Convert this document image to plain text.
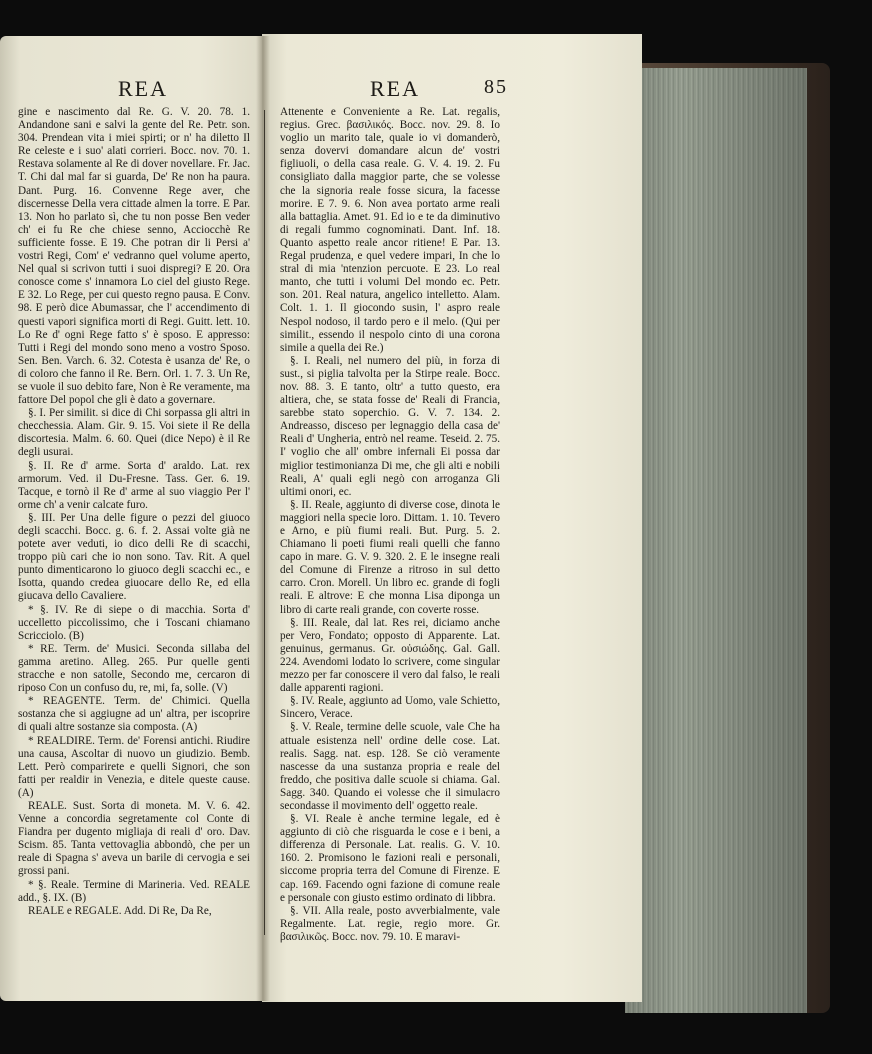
REA	REA	85

gine e nascimento dal Re. G. V. 20. 78. 1. Andandone sani e salvi la gente del Re. Petr. son. 304. Prendean vita i miei spirti; or n' ha diletto Il Re celeste e i suo' alati corrieri. Bocc. nov. 70. 1. Restava solamente al Re di dover novellare. Fr. Jac. T. Chi dal mal far si guarda, De' Re non ha paura. Dant. Purg. 16. Convenne Rege aver, che discernesse Della vera cittade almen la torre. E Par. 13. Non ho parlato sì, che tu non posse Ben veder ch' ei fu Re che chiese senno, Acciocchè Re sufficiente fosse. E 19. Che potran dir li Persi a' vostri Regi, Com' e' vedranno quel volume aperto, Nel qual si scrivon tutti i suoi dispregi? E 20. Ora conosce come s' innamora Lo ciel del giusto Rege. E 32. Lo Rege, per cui questo regno pausa. E Conv. 98. E però dice Abumassar, che l' accendimento di questi vapori significa morti di Regi. Guitt. lett. 10. Lo Re d' ogni Rege fatto s' è sposo. E appresso: Tutti i Regi del mondo sono meno a vostro Sposo. Sen. Ben. Varch. 6. 32. Cotesta è usanza de' Re, o di coloro che fanno il Re. Bern. Orl. 1. 7. 3. Un Re, se vuole il suo debito fare, Non è Re veramente, ma fattore Del popol che gli è dato a governare.

§. I. Per similit. si dice di Chi sorpassa gli altri in checchessia. Alam. Gir. 9. 15. Voi siete il Re della discortesia. Malm. 6. 60. Quei (dice Nepo) è il Re degli usurai.

§. II. Re d' arme. Sorta d' araldo. Lat. rex armorum. Ved. il Du-Fresne. Tass. Ger. 6. 19. Tacque, e tornò il Re d' arme al suo viaggio Per l' orme ch' a venir calcate furo.

§. III. Per Una delle figure o pezzi del giuoco degli scacchi. Bocc. g. 6. f. 2. Assai volte già ne potete aver veduti, io dico delli Re di scacchi, troppo più cari che io non sono. Tav. Rit. A quel punto dimenticarono lo giuoco degli scacchi ec., e Isotta, quando credea giuocare dello Re, ed ella giucava dello Cavaliere.

* §. IV. Re di siepe o di macchia. Sorta d' uccelletto piccolissimo, che i Toscani chiamano Scricciolo. (B)

* RE. Term. de' Musici. Seconda sillaba del gamma aretino. Alleg. 265. Pur quelle genti stracche e non satolle, Secondo me, cercaron di riposo Con un confuso du, re, mi, fa, solle. (V)

* REAGENTE. Term. de' Chimici. Quella sostanza che si aggiugne ad un' altra, per iscoprire di quali altre sostanze sia composta. (A)

* REALDIRE. Term. de' Forensi antichi. Riudire una causa, Ascoltar di nuovo un giudizio. Bemb. Lett. Però comparirete e quelli Signori, che son fatti per realdir in Venezia, e ditele queste cause. (A)

REALE. Sust. Sorta di moneta. M. V. 6. 42. Venne a concordia segretamente col Conte di Fiandra per dugento migliaja di reali d' oro. Dav. Scism. 85. Tanta vettovaglia abbondò, che per un reale di Spagna s' aveva un barile di cervogia e sei grossi pani.

* §. Reale. Termine di Marineria. Ved. REALE add., §. IX. (B)

REALE e REGALE. Add. Di Re, Da Re,

Attenente e Conveniente a Re. Lat. regalis, regius. Grec. βασιλικός. Bocc. nov. 29. 8. Io voglio un marito tale, quale io vi domanderò, senza dovervi domandare alcun de' vostri figliuoli, o della casa reale. G. V. 4. 19. 2. Fu consigliato dalla maggior parte, che se volesse che la signoria reale fosse sicura, la facesse morire. E 7. 9. 6. Non avea portato arme reali alla battaglia. Amet. 91. Ed io e te da diminutivo di regali fummo cognominati. Dant. Inf. 18. Quanto aspetto reale ancor ritiene! E Par. 13. Regal prudenza, e quel vedere impari, In che lo stral di mia 'ntenzion percuote. E 23. Lo real manto, che tutti i volumi Del mondo ec. Petr. son. 201. Real natura, angelico intelletto. Alam. Colt. 1. 1. Il giocondo susin, l' aspro reale Nespol nodoso, il tardo pero e il melo. (Qui per similit., essendo il nespolo cinto di una corona simile a quella dei Re.)

§. I. Reali, nel numero del più, in forza di sust., si piglia talvolta per la Stirpe reale. Bocc. nov. 88. 3. E tanto, oltr' a tutto questo, era altiera, che, se stata fosse de' Reali di Francia, sarebbe stato soperchio. G. V. 7. 134. 2. Andreasso, disceso per legnaggio della casa de' Reali d' Ungheria, entrò nel reame. Teseid. 2. 75. I' voglio che all' ombre infernali Ei possa dar miglior testimonianza Di me, che gli alti e nobili Reali, A' quali egli negò con arroganza Gli ultimi onori, ec.

§. II. Reale, aggiunto di diverse cose, dinota le maggiori nella specie loro. Dittam. 1. 10. Tevero e Arno, e più fiumi reali. But. Purg. 5. 2. Chiamano li poeti fiumi reali quelli che fanno capo in mare. G. V. 9. 320. 2. E le insegne reali del Comune di Firenze a ritroso in sul detto carro. Cron. Morell. Un libro ec. grande di fogli reali. E altrove: E che monna Lisa diponga un libro di carte reali grande, con coverte rosse.

§. III. Reale, dal lat. Res rei, diciamo anche per Vero, Fondato; opposto di Apparente. Lat. genuinus, germanus. Gr. οὐσιώδης. Gal. Gall. 224. Avendomi lodato lo scrivere, come singular mezzo per far conoscere il vero dal falso, le reali dalle apparenti ragioni.

§. IV. Reale, aggiunto ad Uomo, vale Schietto, Sincero, Verace.

§. V. Reale, termine delle scuole, vale Che ha attuale esistenza nell' ordine delle cose. Lat. realis. Sagg. nat. esp. 128. Se ciò veramente nascesse da una sustanza propria e reale del freddo, che positiva dalle scuole si chiama. Gal. Sagg. 340. Quando ei volesse che il simulacro secondasse il movimento dell' oggetto reale.

§. VI. Reale è anche termine legale, ed è aggiunto di ciò che risguarda le cose e i beni, a differenza di Personale. Lat. realis. G. V. 10. 160. 2. Promisono le fazioni reali e personali, siccome propria terra del Comune di Firenze. E cap. 169. Facendo ogni fazione di comune reale e personale con giusto estimo ordinato di libbra.

§. VII. Alla reale, posto avverbialmente, vale Regalmente. Lat. regie, regio more. Gr. βασιλικῶς. Bocc. nov. 79. 10. E maravi-
